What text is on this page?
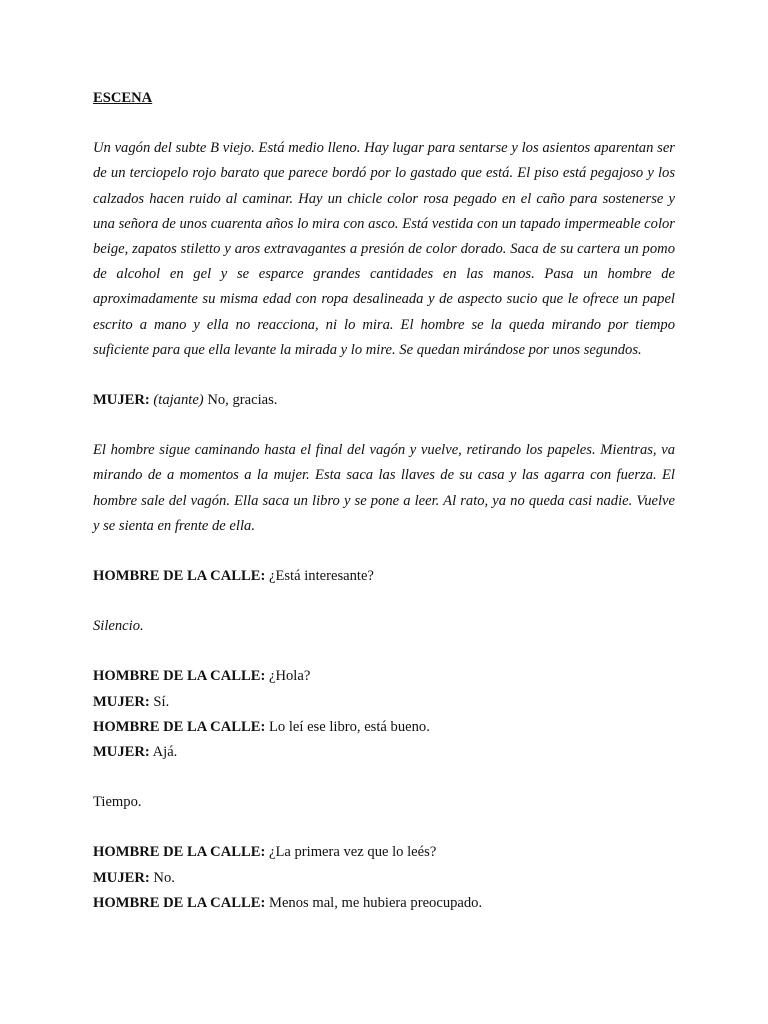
ESCENA

Un vagón del subte B viejo. Está medio lleno. Hay lugar para sentarse y los asientos aparentan ser de un terciopelo rojo barato que parece bordó por lo gastado que está. El piso está pegajoso y los calzados hacen ruido al caminar. Hay un chicle color rosa pegado en el caño para sostenerse y una señora de unos cuarenta años lo mira con asco. Está vestida con un tapado impermeable color beige, zapatos stiletto y aros extravagantes a presión de color dorado. Saca de su cartera un pomo de alcohol en gel y se esparce grandes cantidades en las manos. Pasa un hombre de aproximadamente su misma edad con ropa desalineada y de aspecto sucio que le ofrece un papel escrito a mano y ella no reacciona, ni lo mira. El hombre se la queda mirando por tiempo suficiente para que ella levante la mirada y lo mire. Se quedan mirándose por unos segundos.

MUJER: (tajante) No, gracias.

El hombre sigue caminando hasta el final del vagón y vuelve, retirando los papeles. Mientras, va mirando de a momentos a la mujer. Esta saca las llaves de su casa y las agarra con fuerza. El hombre sale del vagón. Ella saca un libro y se pone a leer. Al rato, ya no queda casi nadie. Vuelve y se sienta en frente de ella.

HOMBRE DE LA CALLE: ¿Está interesante?

Silencio.

HOMBRE DE LA CALLE: ¿Hola?

MUJER: Sí.

HOMBRE DE LA CALLE: Lo leí ese libro, está bueno.

MUJER: Ajá.

Tiempo.

HOMBRE DE LA CALLE: ¿La primera vez que lo leés?

MUJER: No.

HOMBRE DE LA CALLE: Menos mal, me hubiera preocupado.
